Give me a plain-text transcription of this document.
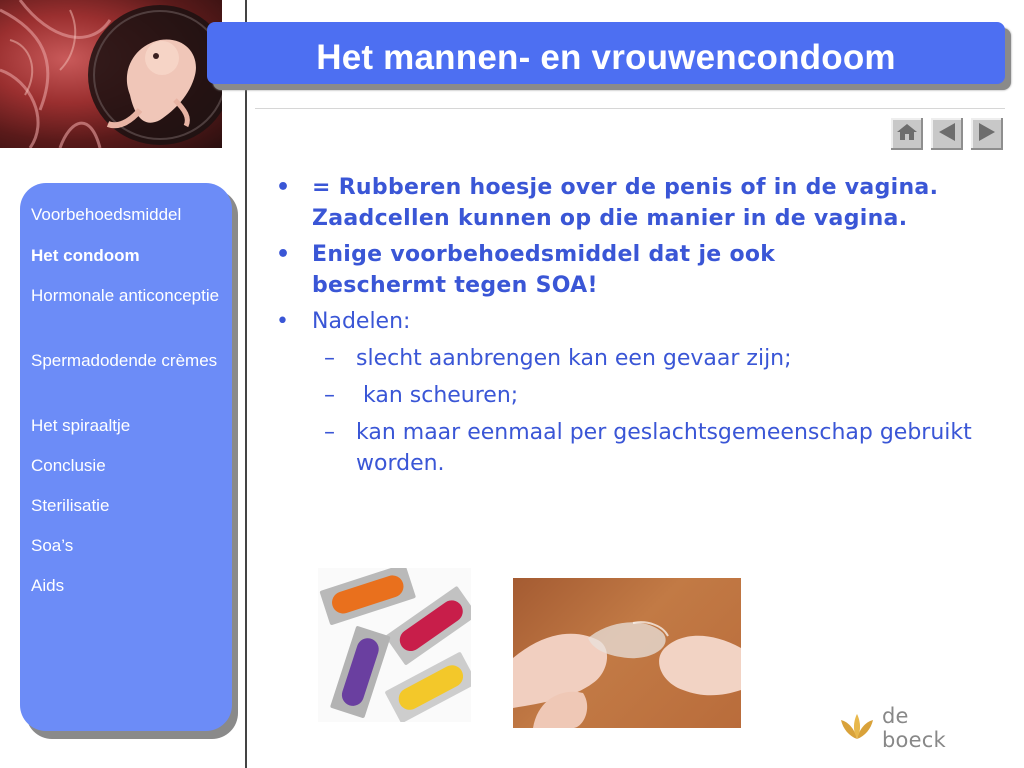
Het mannen- en vrouwencondoom
Voorbehoedsmiddel
Het condoom
Hormonale anticonceptie
Spermadodende crèmes
Het spiraaltje
Conclusie
Sterilisatie
Soa’s
Aids
• = Rubberen hoesje over de penis of in de vagina. Zaadcellen kunnen op die manier in de vagina.
• Enige voorbehoedsmiddel dat je ook beschermt tegen SOA!
• Nadelen:
– slecht aanbrengen kan een gevaar zijn;
– kan scheuren;
– kan maar eenmaal per geslachtsgemeenschap gebruikt worden.
de boeck
